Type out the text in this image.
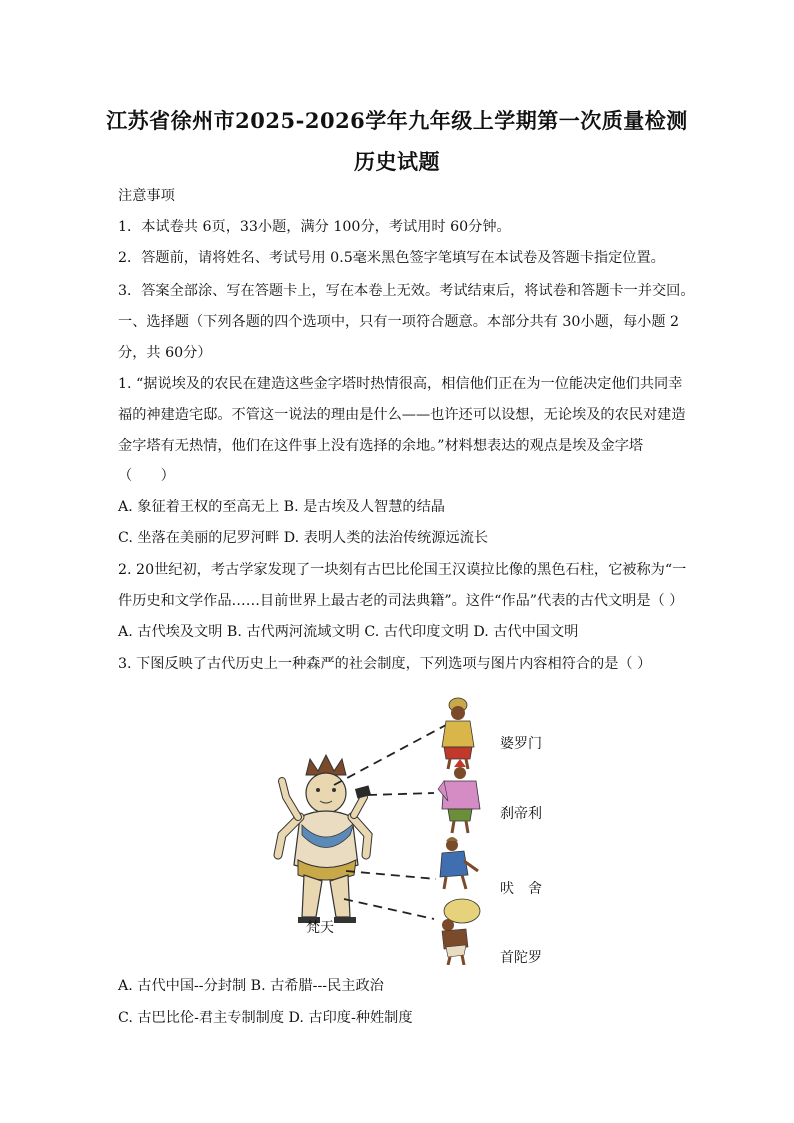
江苏省徐州市2025-2026学年九年级上学期第一次质量检测
历史试题
注意事项
1．本试卷共 6页，33小题，满分 100分，考试用时 60分钟。
2．答题前，请将姓名、考试号用 0.5毫米黑色签字笔填写在本试卷及答题卡指定位置。
3．答案全部涂、写在答题卡上，写在本卷上无效。考试结束后，将试卷和答题卡一并交回。
一、选择题（下列各题的四个选项中，只有一项符合题意。本部分共有 30小题，每小题 2
分，共 60分）
1. “据说埃及的农民在建造这些金字塔时热情很高，相信他们正在为一位能决定他们共同幸
福的神建造宅邸。不管这一说法的理由是什么——也许还可以设想，无论埃及的农民对建造
金字塔有无热情，他们在这件事上没有选择的余地。”材料想表达的观点是埃及金字塔
（　　）
A. 象征着王权的至高无上 B. 是古埃及人智慧的结晶
C. 坐落在美丽的尼罗河畔 D. 表明人类的法治传统源远流长
2. 20世纪初，考古学家发现了一块刻有古巴比伦国王汉谟拉比像的黑色石柱，它被称为“一
件历史和文学作品……目前世界上最古老的司法典籍”。这件“作品”代表的古代文明是（ ）
A. 古代埃及文明 B. 古代两河流域文明 C. 古代印度文明 D. 古代中国文明
3. 下图反映了古代历史上一种森严的社会制度，下列选项与图片内容相符合的是（ ）
梵天
婆罗门
刹帝利
吠　舍
首陀罗
A. 古代中国--分封制 B. 古希腊---民主政治
C. 古巴比伦-君主专制制度 D. 古印度-种姓制度
